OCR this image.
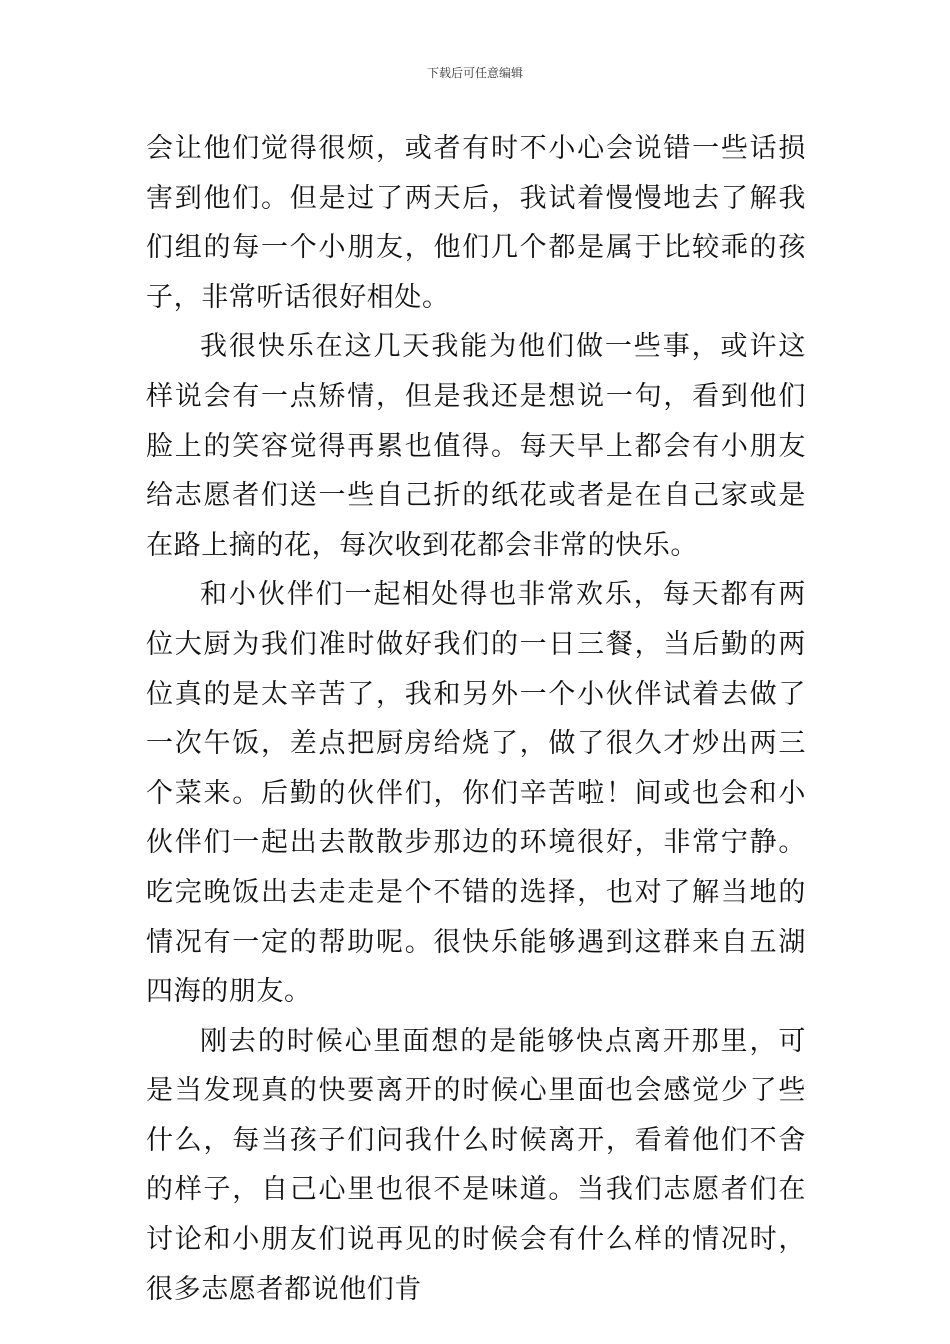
下载后可任意编辑

会让他们觉得很烦，或者有时不小心会说错一些话损害到他们。但是过了两天后，我试着慢慢地去了解我们组的每一个小朋友，他们几个都是属于比较乖的孩子，非常听话很好相处。

我很快乐在这几天我能为他们做一些事，或许这样说会有一点矫情，但是我还是想说一句，看到他们脸上的笑容觉得再累也值得。每天早上都会有小朋友给志愿者们送一些自己折的纸花或者是在自己家或是在路上摘的花，每次收到花都会非常的快乐。

和小伙伴们一起相处得也非常欢乐，每天都有两位大厨为我们准时做好我们的一日三餐，当后勤的两位真的是太辛苦了，我和另外一个小伙伴试着去做了一次午饭，差点把厨房给烧了，做了很久才炒出两三个菜来。后勤的伙伴们，你们辛苦啦！间或也会和小伙伴们一起出去散散步那边的环境很好，非常宁静。吃完晚饭出去走走是个不错的选择，也对了解当地的情况有一定的帮助呢。很快乐能够遇到这群来自五湖四海的朋友。

刚去的时候心里面想的是能够快点离开那里，可是当发现真的快要离开的时候心里面也会感觉少了些什么，每当孩子们问我什么时候离开，看着他们不舍的样子，自己心里也很不是味道。当我们志愿者们在讨论和小朋友们说再见的时候会有什么样的情况时，很多志愿者都说他们肯
